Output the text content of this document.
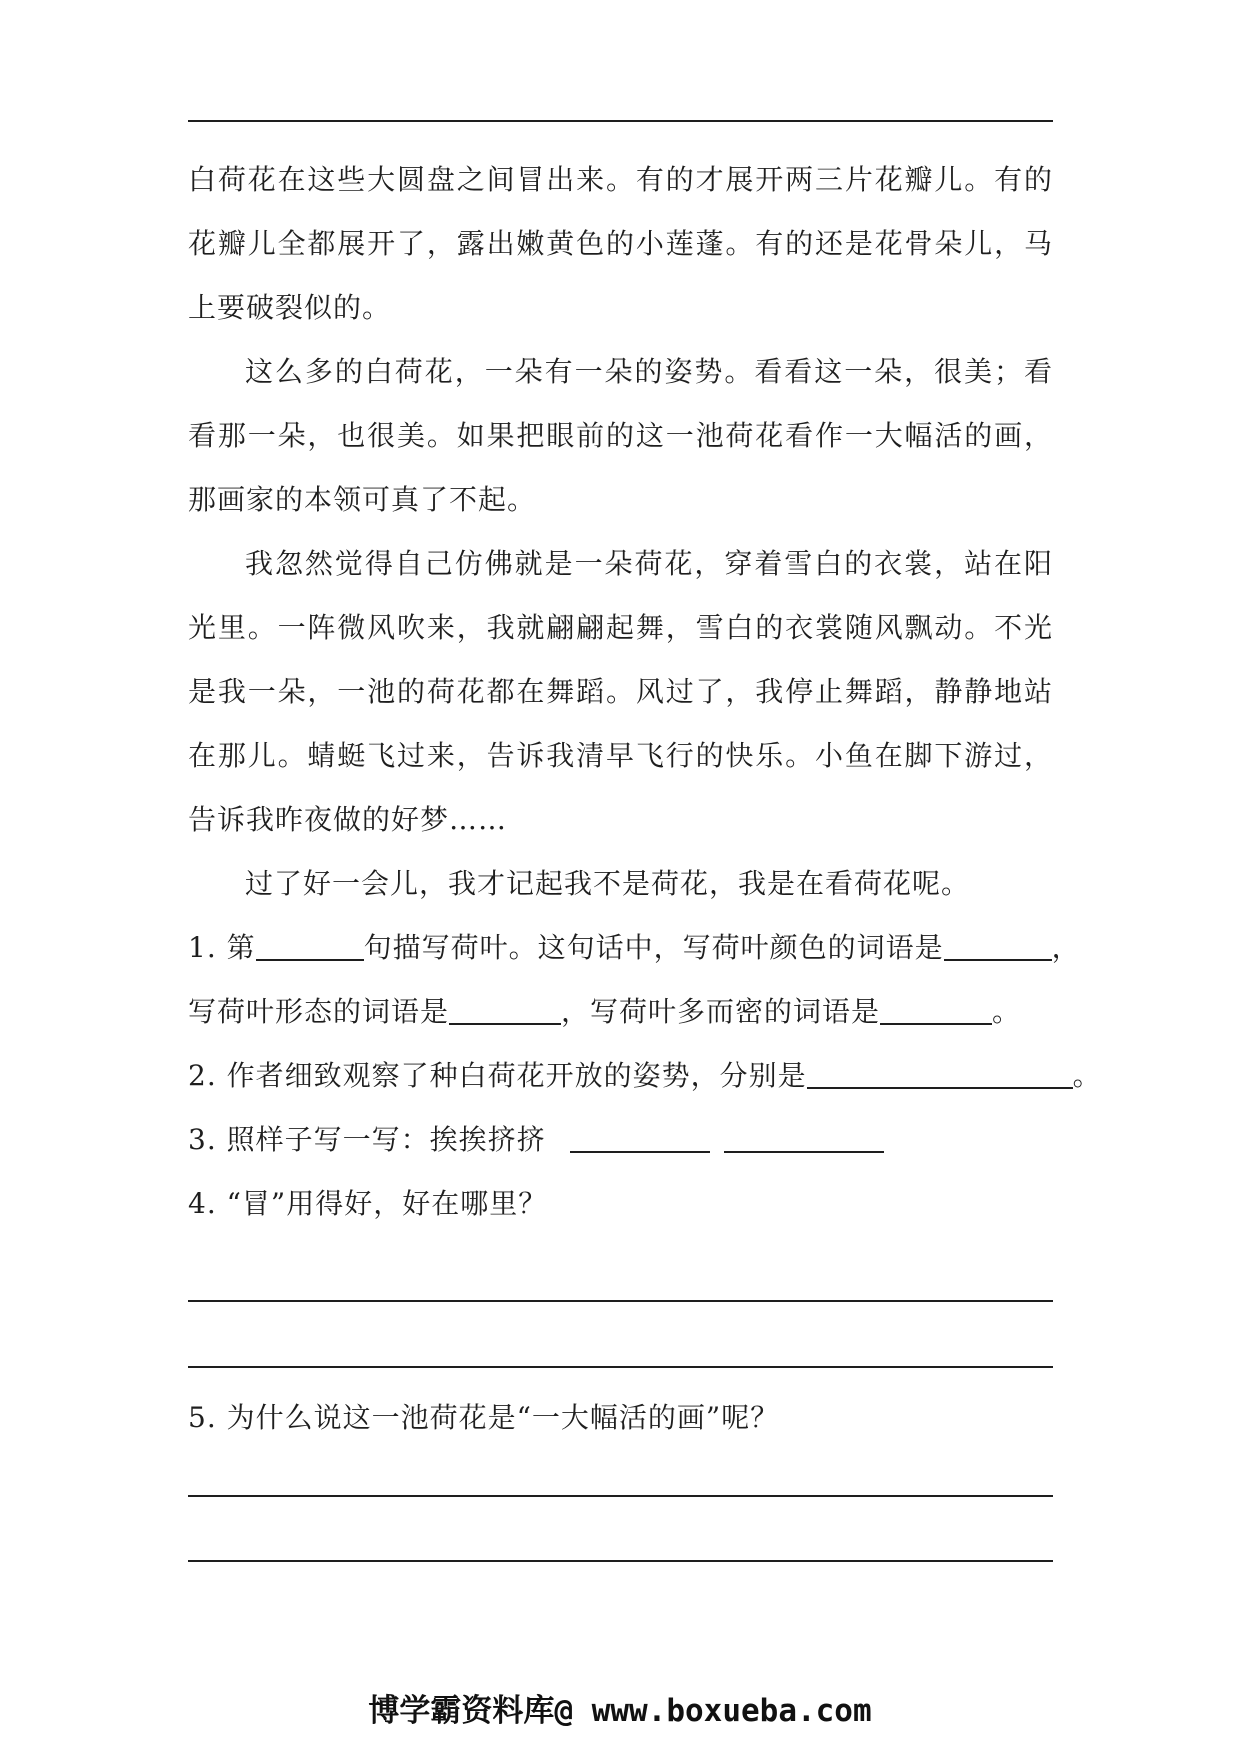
白荷花在这些大圆盘之间冒出来。有的才展开两三片花瓣儿。有的花瓣儿全都展开了，露出嫩黄色的小莲蓬。有的还是花骨朵儿，马上要破裂似的。

这么多的白荷花，一朵有一朵的姿势。看看这一朵，很美；看看那一朵，也很美。如果把眼前的这一池荷花看作一大幅活的画，那画家的本领可真了不起。

我忽然觉得自己仿佛就是一朵荷花，穿着雪白的衣裳，站在阳光里。一阵微风吹来，我就翩翩起舞，雪白的衣裳随风飘动。不光是我一朵，一池的荷花都在舞蹈。风过了，我停止舞蹈，静静地站在那儿。蜻蜓飞过来，告诉我清早飞行的快乐。小鱼在脚下游过，告诉我昨夜做的好梦……

过了好一会儿，我才记起我不是荷花，我是在看荷花呢。

1. 第	句描写荷叶。这句话中，写荷叶颜色的词语是	，

写荷叶形态的词语是	，写荷叶多而密的词语是	。

2. 作者细致观察了种白荷花开放的姿势，分别是	。

3. 照样子写一写：挨挨挤挤

4. “冒”用得好，好在哪里？

5. 为什么说这一池荷花是“一大幅活的画”呢？
博学霸资料库@ www.boxueba.com
